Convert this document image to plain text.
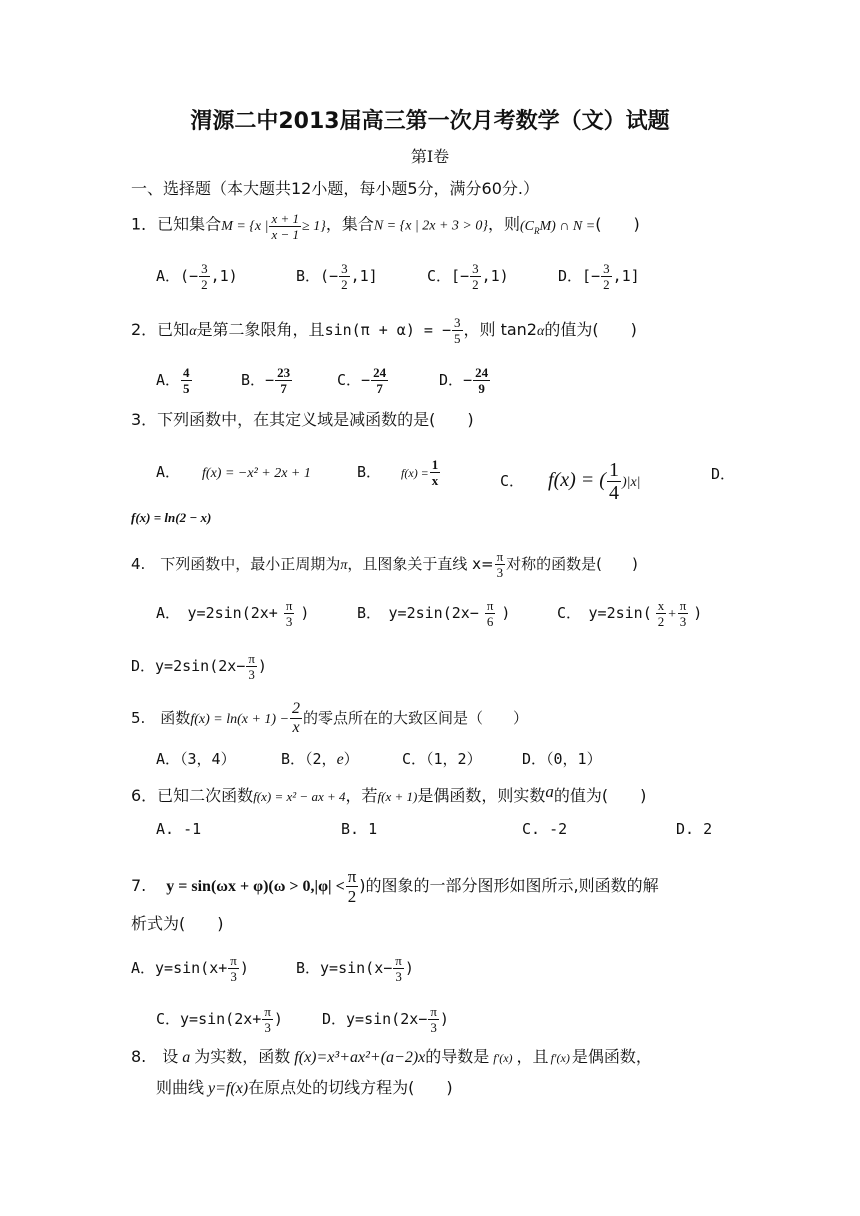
渭源二中2013届高三第一次月考数学（文）试题
第Ⅰ卷
一、选择题（本大题共12小题，每小题5分，满分60分.）
1．已知集合M = {x | $\frac{x + 1}{x - 1} \ge 1$}，集合N = {x | 2x + 3 > 0}，则$(C_RM)$ ∩ N =(　　)
A．(− $\frac{3}{2} ,1$)	B．(− $\frac{3}{2} ,1$]	C．[− $\frac{3}{2} ,1$)	D．[− $\frac{3}{2} ,1$]
2．已知α是第二象限角，且sin(π + α) = − $\frac{3}{5}$ ，则 tan2α的值为(　　)
A． $\frac{4}{5}$	B．− $\frac{23}{7}$	C．− $\frac{24}{7}$	D．− $\frac{24}{9}$
3．下列函数中，在其定义域是减函数的是(　　)
A． f(x) = −x² + 2x + 1	B． $f(x) = \frac{1}{x}$	C． f(x) = ( $\frac{1}{4} )|x|$	D．
f(x) = ln(2 − x)
4.　下列函数中，最小正周期为π，且图象关于直线 $x= \frac{\pi}{3}$ 对称的函数是(　　)
A．　$y=2\sin(2x+ \frac{\pi}{3}$ )	B．　$y=2\sin(2x- \frac{\pi}{6}$ )	C．　$y=2\sin( \frac{x}{2} + \frac{\pi}{3}$ )
D．$y=2\sin(2x- \frac{\pi}{3}$ )
5.　函数$f(x) = \ln(x + 1) - \frac{2}{x}$ 的零点所在的大致区间是（　　）
A．（3，4）	B．（2，e）	C．（1，2）	D．（0，1）
6．已知二次函数f(x) = x² − ax + 4，若f(x + 1)是偶函数，则实数a的值为(　　)
A. -1	B. 1	C. -2	D. 2
7. $y = \sin(\omega x + \varphi)(\omega > 0,|\varphi| < \frac{\pi}{2}$ )的图象的一部分图形如图所示,则函数的解
析式为(　　)
A．$y=\sin(x+ \frac{\pi}{3}$ )	B．$y=\sin(x- \frac{\pi}{3}$ )
C．$y=\sin(2x+ \frac{\pi}{3}$ )	D．$y=\sin(2x- \frac{\pi}{3}$ )
8.　设 a 为实数，函数 f(x)=x³+ax²+(a−2)x的导数是 f′(x) ，且 f′(x) 是偶函数，
则曲线 y=f(x)在原点处的切线方程为(　　)
